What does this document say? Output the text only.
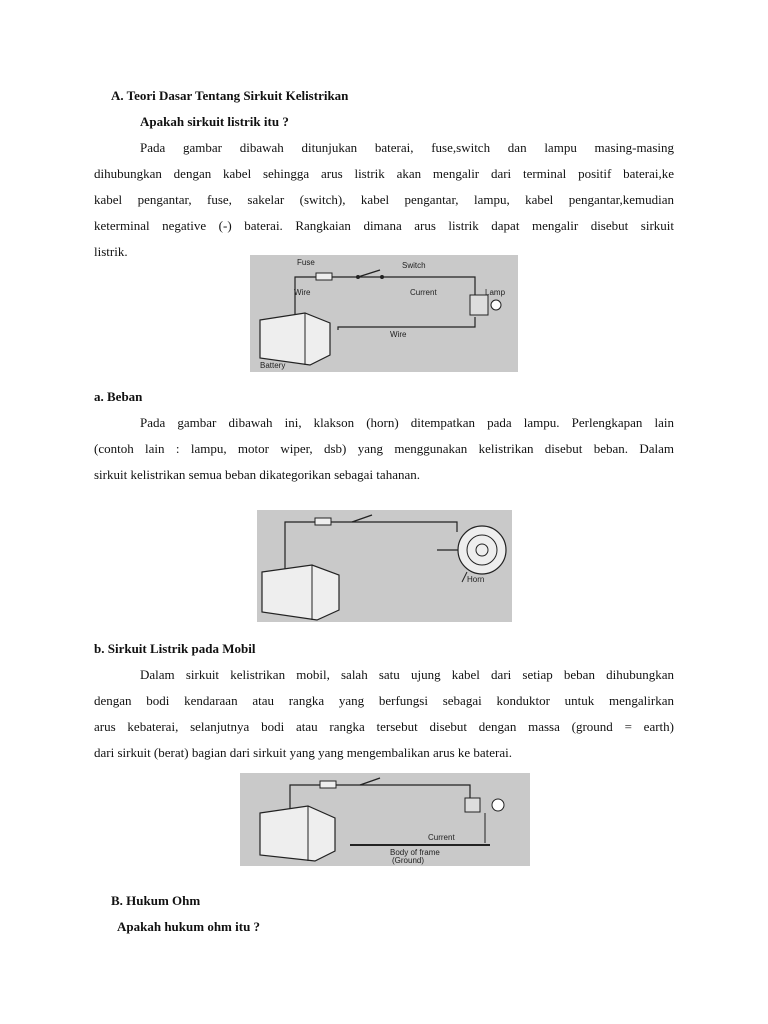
A. Teori Dasar Tentang Sirkuit Kelistrikan
Apakah sirkuit listrik itu ?
Pada gambar dibawah ditunjukan baterai, fuse,switch dan lampu masing-masing
dihubungkan dengan kabel sehingga arus listrik akan mengalir dari terminal positif baterai,ke
kabel pengantar, fuse, sakelar (switch), kabel pengantar, lampu, kabel pengantar,kemudian
keterminal negative (-) baterai. Rangkaian dimana arus listrik dapat mengalir disebut sirkuit
listrik.
Fuse	Switch
Wire	Current	Lamp
Wire
Battery
a. Beban
Pada gambar dibawah ini, klakson (horn) ditempatkan pada lampu. Perlengkapan lain
(contoh lain : lampu, motor wiper, dsb) yang menggunakan kelistrikan disebut beban. Dalam
sirkuit kelistrikan semua beban dikategorikan sebagai tahanan.
Horn
b. Sirkuit Listrik pada Mobil
Dalam sirkuit kelistrikan mobil, salah satu ujung kabel dari setiap beban dihubungkan
dengan bodi kendaraan atau rangka yang berfungsi sebagai konduktor untuk mengalirkan
arus kebaterai, selanjutnya bodi atau rangka tersebut disebut dengan massa (ground = earth)
dari sirkuit (berat) bagian dari sirkuit yang yang mengembalikan arus ke baterai.
Current
Body of frame
(Ground)
B. Hukum Ohm
Apakah hukum ohm itu ?
